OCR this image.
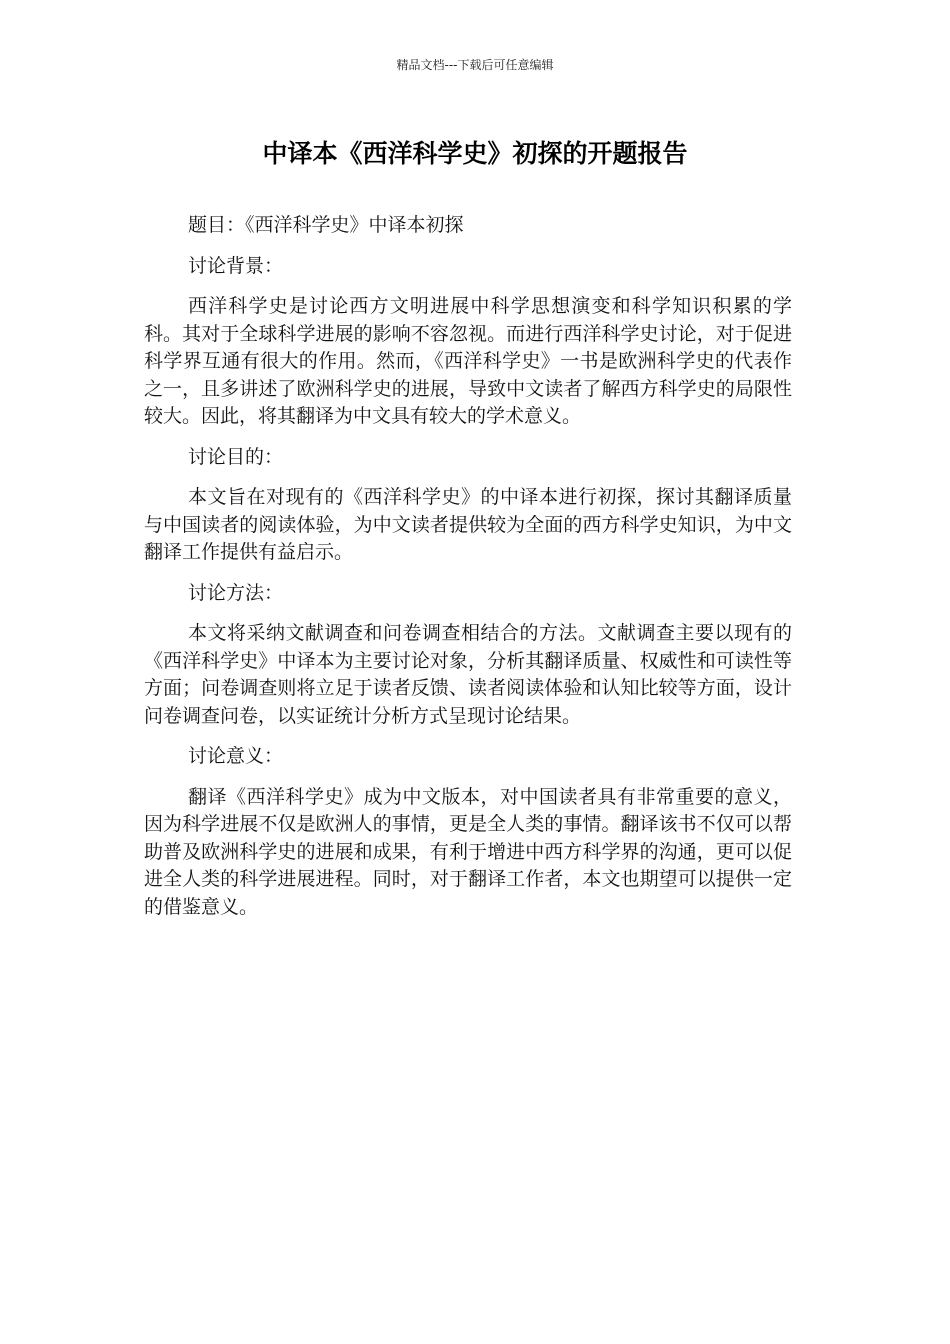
精品文档---下载后可任意编辑
中译本《西洋科学史》初探的开题报告

题目：《西洋科学史》中译本初探

讨论背景：

西洋科学史是讨论西方文明进展中科学思想演变和科学知识积累的学科。其对于全球科学进展的影响不容忽视。而进行西洋科学史讨论，对于促进科学界互通有很大的作用。然而，《西洋科学史》一书是欧洲科学史的代表作之一，且多讲述了欧洲科学史的进展，导致中文读者了解西方科学史的局限性较大。因此，将其翻译为中文具有较大的学术意义。

讨论目的：

本文旨在对现有的《西洋科学史》的中译本进行初探，探讨其翻译质量与中国读者的阅读体验，为中文读者提供较为全面的西方科学史知识，为中文翻译工作提供有益启示。

讨论方法：

本文将采纳文献调查和问卷调查相结合的方法。文献调查主要以现有的《西洋科学史》中译本为主要讨论对象，分析其翻译质量、权威性和可读性等方面；问卷调查则将立足于读者反馈、读者阅读体验和认知比较等方面，设计问卷调查问卷，以实证统计分析方式呈现讨论结果。

讨论意义：

翻译《西洋科学史》成为中文版本，对中国读者具有非常重要的意义，因为科学进展不仅是欧洲人的事情，更是全人类的事情。翻译该书不仅可以帮助普及欧洲科学史的进展和成果，有利于增进中西方科学界的沟通，更可以促进全人类的科学进展进程。同时，对于翻译工作者，本文也期望可以提供一定的借鉴意义。
